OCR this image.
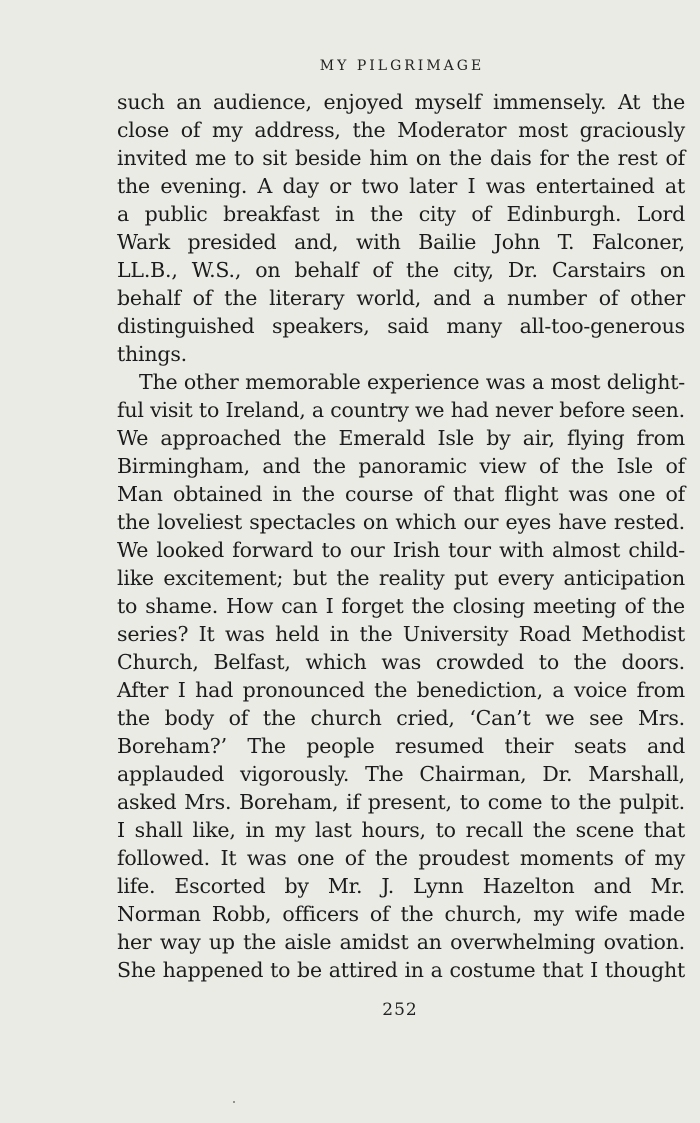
MY PILGRIMAGE
such an audience, enjoyed myself immensely. At the
close of my address, the Moderator most graciously
invited me to sit beside him on the dais for the rest of
the evening. A day or two later I was entertained at
a public breakfast in the city of Edinburgh. Lord
Wark presided and, with Bailie John T. Falconer,
LL.B., W.S., on behalf of the city, Dr. Carstairs on
behalf of the literary world, and a number of other
distinguished speakers, said many all-too-generous
things.
The other memorable experience was a most delight-
ful visit to Ireland, a country we had never before seen.
We approached the Emerald Isle by air, flying from
Birmingham, and the panoramic view of the Isle of
Man obtained in the course of that flight was one of
the loveliest spectacles on which our eyes have rested.
We looked forward to our Irish tour with almost child-
like excitement; but the reality put every anticipation
to shame. How can I forget the closing meeting of the
series? It was held in the University Road Methodist
Church, Belfast, which was crowded to the doors.
After I had pronounced the benediction, a voice from
the body of the church cried, ‘Can’t we see Mrs.
Boreham?’ The people resumed their seats and
applauded vigorously. The Chairman, Dr. Marshall,
asked Mrs. Boreham, if present, to come to the pulpit.
I shall like, in my last hours, to recall the scene that
followed. It was one of the proudest moments of my
life. Escorted by Mr. J. Lynn Hazelton and Mr.
Norman Robb, officers of the church, my wife made
her way up the aisle amidst an overwhelming ovation.
She happened to be attired in a costume that I thought
252
